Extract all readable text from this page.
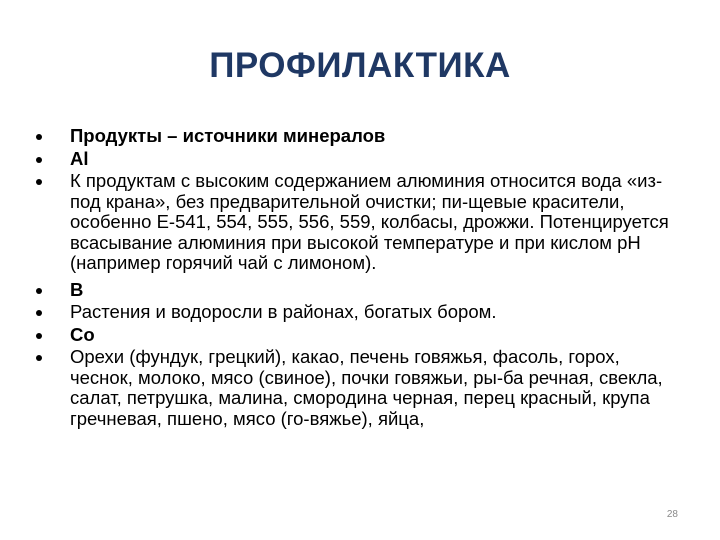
ПРОФИЛАКТИКА
Продукты – источники минералов
Al
К продуктам с высоким содержанием алюминия относится вода «из-под крана», без предварительной очистки; пи-щевые красители, особенно Е-541, 554, 555, 556, 559, колбасы, дрожжи. Потенцируется всасывание алюминия при высокой температуре и при кислом рН (например горячий чай с лимоном).
В
Растения и водоросли в районах, богатых бором.
Со
Орехи (фундук, грецкий), какао, печень говяжья, фасоль, горох, чеснок, молоко, мясо (свиное), почки говяжьи, ры-ба речная, свекла, салат, петрушка, малина, смородина черная, перец красный, крупа гречневая, пшено, мясо (го-вяжье), яйца,
28
